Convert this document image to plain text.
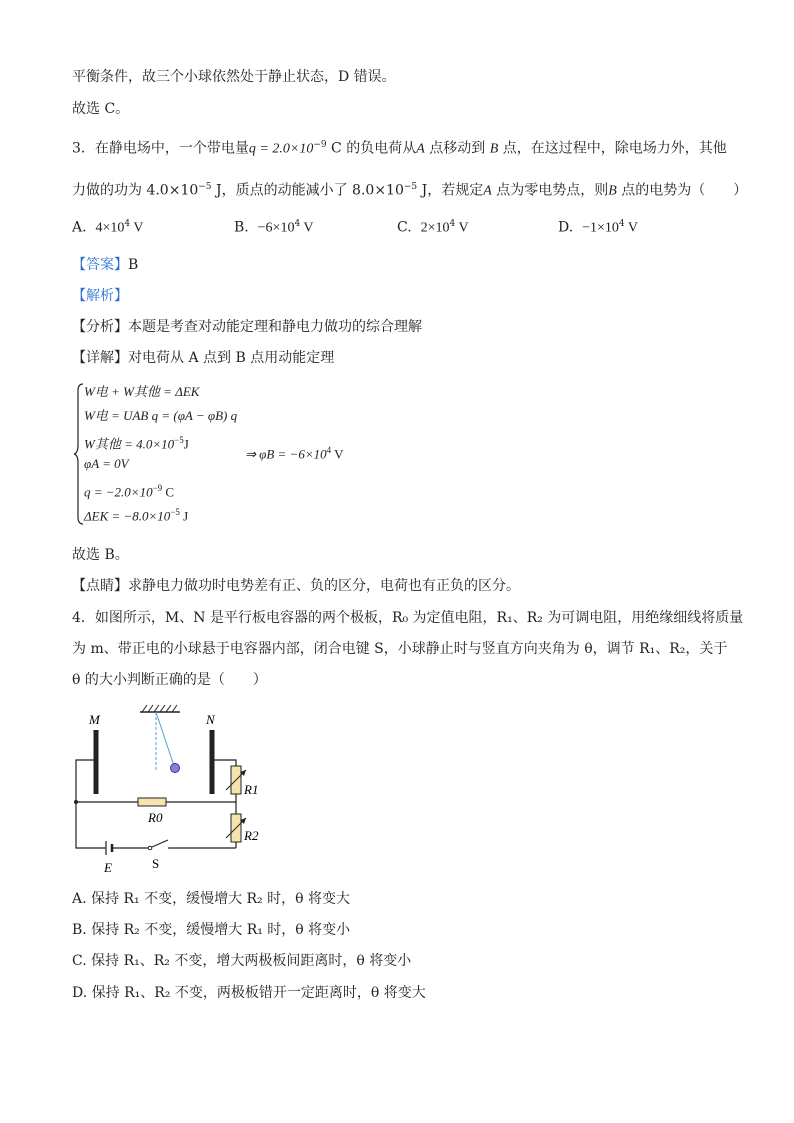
平衡条件，故三个小球依然处于静止状态，D 错误。
故选 C。
3．在静电场中，一个带电量$q = 2.0\times 10^{-9}$ C 的负电荷从A 点移动到 B 点，在这过程中，除电场力外，其他
力做的功为 $4.0\times 10^{-5}$ J，质点的动能减小了 $8.0\times 10^{-5}$ J，若规定A 点为零电势点，则B 点的电势为（　　）
A. $4\times 10^4$ V	B. $-6\times 10^4$ V	C. $2\times 10^4$ V	D. $-1\times 10^4$ V
【答案】B
【解析】
【分析】本题是考查对动能定理和静电力做功的综合理解
【详解】对电荷从 A 点到 B 点用动能定理
W电 + W其他 = ΔEK
W电 = UAB q = (φA − φB) q
W其他 = $4.0\times 10^{-5}J$
φA = 0V
$q = -2.0\times 10^{-9}$ C
$\Delta EK = -8.0\times 10^{-5}$ J
⇒ $\varphi B = -6\times 10^4$ V
故选 B。
【点睛】求静电力做功时电势差有正、负的区分，电荷也有正负的区分。
4．如图所示，M、N 是平行板电容器的两个极板，R₀ 为定值电阻，R₁、R₂ 为可调电阻，用绝缘细线将质量
为 m、带正电的小球悬于电容器内部，闭合电键 S，小球静止时与竖直方向夹角为 θ，调节 R₁、R₂，关于
θ 的大小判断正确的是（　　）
M	N
R0
R1
R2
E	S
A. 保持 R₁ 不变，缓慢增大 R₂ 时，θ 将变大
B. 保持 R₂ 不变，缓慢增大 R₁ 时，θ 将变小
C. 保持 R₁、R₂ 不变，增大两极板间距离时，θ 将变小
D. 保持 R₁、R₂ 不变，两极板错开一定距离时，θ 将变大
